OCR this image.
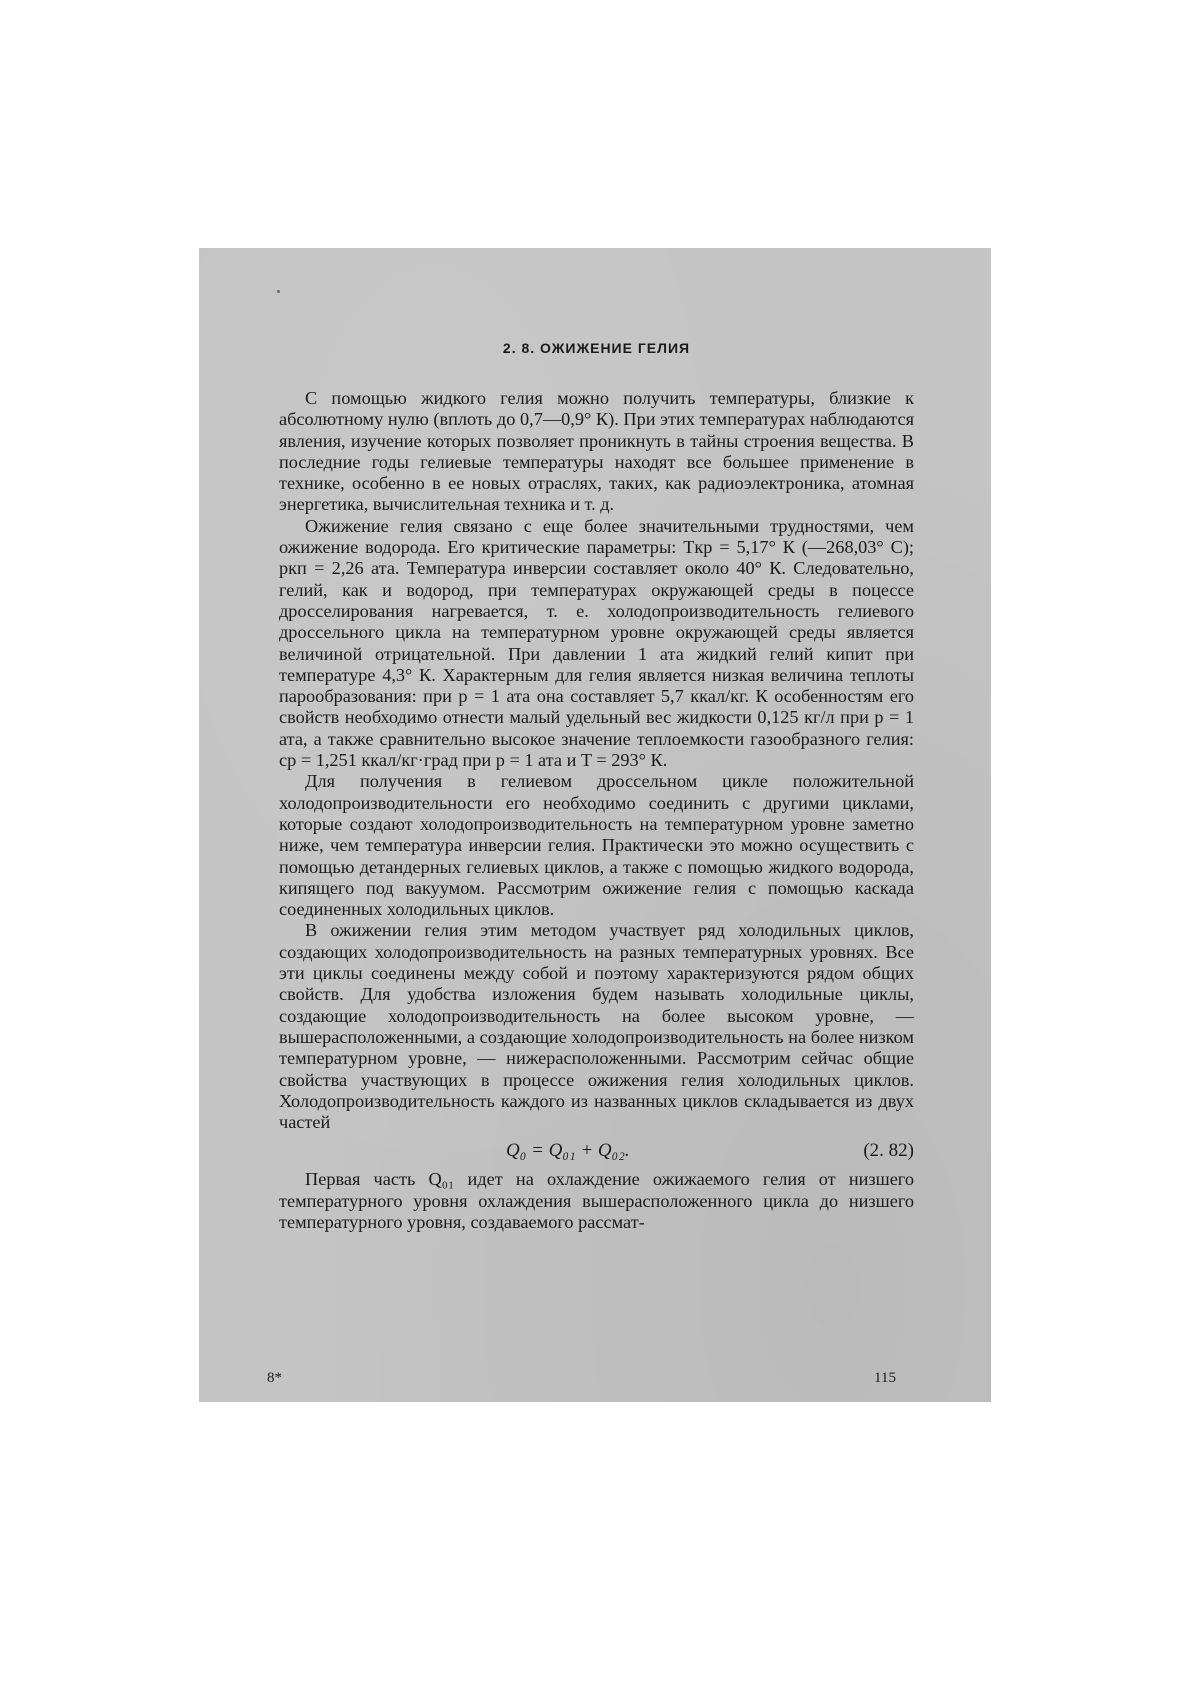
2. 8. ОЖИЖЕНИЕ ГЕЛИЯ

С помощью жидкого гелия можно получить температуры, близкие к абсолютному нулю (вплоть до 0,7—0,9° К). При этих температурах наблюдаются явления, изучение которых позволяет проникнуть в тайны строения вещества. В последние годы гелиевые температуры находят все большее применение в технике, особенно в ее новых отраслях, таких, как радиоэлектроника, атомная энергетика, вычислительная техника и т. д.

Ожижение гелия связано с еще более значительными трудностями, чем ожижение водорода. Его критические параметры: Tкр = 5,17° К (—268,03° С); pкп = 2,26 ата. Температура инверсии составляет около 40° К. Следовательно, гелий, как и водород, при температурах окружающей среды в поцессе дросселирования нагревается, т. е. холодопроизводительность гелиевого дроссельного цикла на температурном уровне окружающей среды является величиной отрицательной. При давлении 1 ата жидкий гелий кипит при температуре 4,3° К. Характерным для гелия является низкая величина теплоты парообразования: при p = 1 ата она составляет 5,7 ккал/кг. К особенностям его свойств необходимо отнести малый удельный вес жидкости 0,125 кг/л при p = 1 ата, а также сравнительно высокое значение теплоемкости газообразного гелия: cp = 1,251 ккал/кг·град при p = 1 ата и T = 293° К.

Для получения в гелиевом дроссельном цикле положительной холодопроизводительности его необходимо соединить с другими циклами, которые создают холодопроизводительность на температурном уровне заметно ниже, чем температура инверсии гелия. Практически это можно осуществить с помощью детандерных гелиевых циклов, а также с помощью жидкого водорода, кипящего под вакуумом. Рассмотрим ожижение гелия с помощью каскада соединенных холодильных циклов.

В ожижении гелия этим методом участвует ряд холодильных циклов, создающих холодопроизводительность на разных температурных уровнях. Все эти циклы соединены между собой и поэтому характеризуются рядом общих свойств. Для удобства изложения будем называть холодильные циклы, создающие холодопроизводительность на более высоком уровне, — вышерасположенными, а создающие холодопроизводительность на более низком температурном уровне, — нижерасположенными. Рассмотрим сейчас общие свойства участвующих в процессе ожижения гелия холодильных циклов. Холодопроизводительность каждого из названных циклов складывается из двух частей

Q₀ = Q₀₁ + Q₀₂.	(2. 82)

Первая часть Q₀₁ идет на охлаждение ожижаемого гелия от низшего температурного уровня охлаждения вышерасположенного цикла до низшего температурного уровня, создаваемого рассмат-

8*	115
